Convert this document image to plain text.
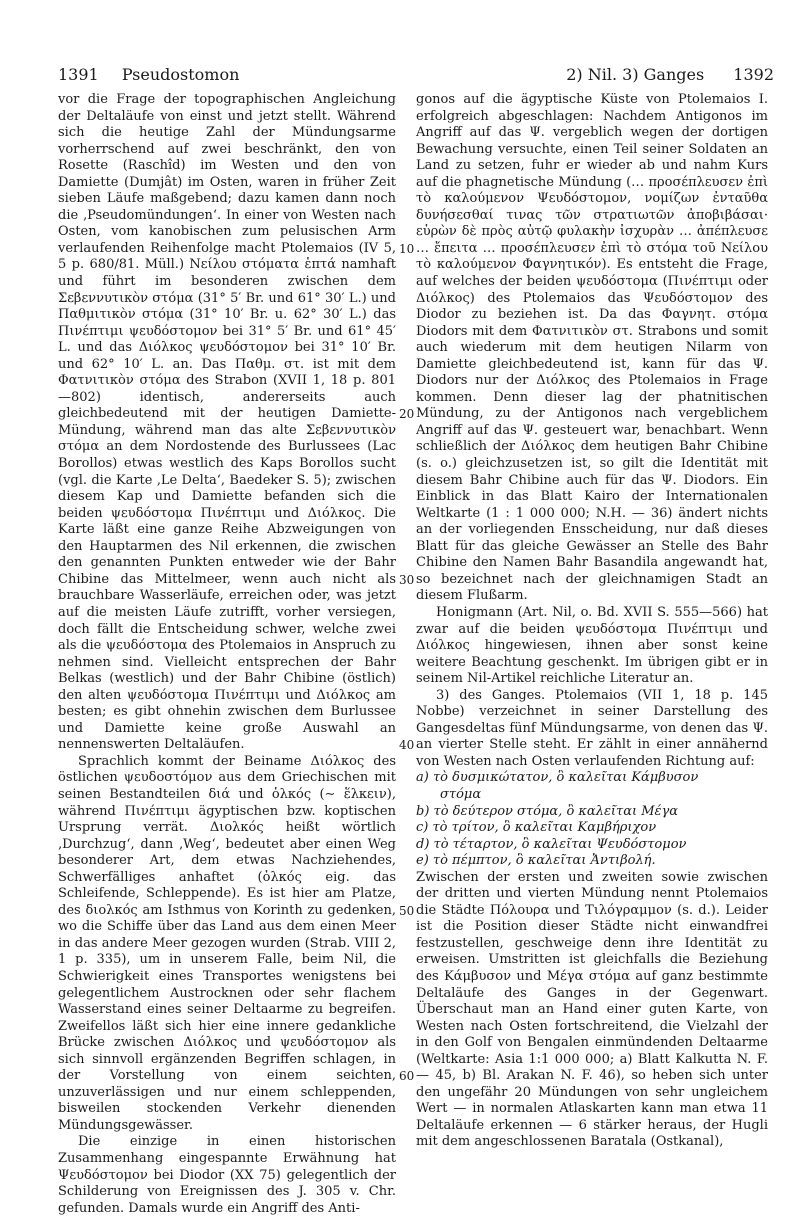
1391 Pseudostomon	2) Nil. 3) Ganges 1392

vor die Frage der topographischen Angleichung der Deltaläufe von einst und jetzt stellt. Während sich die heutige Zahl der Mündungsarme vorherrschend auf zwei beschränkt, den von Rosette (Raschîd) im Westen und den von Damiette (Dumjât) im Osten, waren in früher Zeit sieben Läufe maßgebend; dazu kamen dann noch die ‚Pseudomündungen‘. In einer von Westen nach Osten, vom kanobischen zum pelusischen Arm verlaufenden Reihenfolge macht Ptolemaios (IV 5, 5 p. 680/81. Müll.) Νείλου στόματα ἑπτά namhaft und führt im besonderen zwischen dem Σεβεννυτικὸν στόμα (31° 5′ Br. und 61° 30′ L.) und Παθμιτικὸν στόμα (31° 10′ Br. u. 62° 30′ L.) das Πινέπτιμι ψευδόστομον bei 31° 5′ Br. und 61° 45′ L. und das Διόλκος ψευδόστομον bei 31° 10′ Br. und 62° 10′ L. an. Das Παθμ. στ. ist mit dem Φατνιτικὸν στόμα des Strabon (XVII 1, 18 p. 801—802) identisch, andererseits auch gleichbedeutend mit der heutigen Damiette-Mündung, während man das alte Σεβεννυτικὸν στόμα an dem Nordostende des Burlussees (Lac Borollos) etwas westlich des Kaps Borollos sucht (vgl. die Karte ‚Le Delta‘, Baedeker S. 5); zwischen diesem Kap und Damiette befanden sich die beiden ψευδόστομα Πινέπτιμι und Διόλκος. Die Karte läßt eine ganze Reihe Abzweigungen von den Hauptarmen des Nil erkennen, die zwischen den genannten Punkten entweder wie der Bahr Chibine das Mittelmeer, wenn auch nicht als brauchbare Wasserläufe, erreichen oder, was jetzt auf die meisten Läufe zutrifft, vorher versiegen, doch fällt die Entscheidung schwer, welche zwei als die ψευδόστομα des Ptolemaios in Anspruch zu nehmen sind. Vielleicht entsprechen der Bahr Belkas (westlich) und der Bahr Chibine (östlich) den alten ψευδόστομα Πινέπτιμι und Διόλκος am besten; es gibt ohnehin zwischen dem Burlussee und Damiette keine große Auswahl an nennenswerten Deltaläufen.

Sprachlich kommt der Beiname Διόλκος des östlichen ψευδοστόμον aus dem Griechischen mit seinen Bestandteilen διά und ὁλκός (∼ ἕλκειν), während Πινέπτιμι ägyptischen bzw. koptischen Ursprung verrät. Διολκός heißt wörtlich ‚Durchzug‘, dann ‚Weg‘, bedeutet aber einen Weg besonderer Art, dem etwas Nachziehendes, Schwerfälliges anhaftet (ὁλκός eig. das Schleifende, Schleppende). Es ist hier am Platze, des διολκός am Isthmus von Korinth zu gedenken, wo die Schiffe über das Land aus dem einen Meer in das andere Meer gezogen wurden (Strab. VIII 2, 1 p. 335), um in unserem Falle, beim Nil, die Schwierigkeit eines Transportes wenigstens bei gelegentlichem Austrocknen oder sehr flachem Wasserstand eines seiner Deltaarme zu begreifen. Zweifellos läßt sich hier eine innere gedankliche Brücke zwischen Διόλκος und ψευδόστομον als sich sinnvoll ergänzenden Begriffen schlagen, in der Vorstellung von einem seichten, unzuverlässigen und nur einem schleppenden, bisweilen stockenden Verkehr dienenden Mündungsgewässer.

Die einzige in einen historischen Zusammenhang eingespannte Erwähnung hat Ψευδόστομον bei Diodor (XX 75) gelegentlich der Schilderung von Ereignissen des J. 305 v. Chr. gefunden. Damals wurde ein Angriff des Anti-

10
20
30
40
50
60

gonos auf die ägyptische Küste von Ptolemaios I. erfolgreich abgeschlagen: Nachdem Antigonos im Angriff auf das Ψ. vergeblich wegen der dortigen Bewachung versuchte, einen Teil seiner Soldaten an Land zu setzen, fuhr er wieder ab und nahm Kurs auf die phagnetische Mündung (… προσέπλευσεν ἐπὶ τὸ καλούμενον Ψευδόστομον, νομίζων ἐνταῦθα δυνήσεσθαί τινας τῶν στρατιωτῶν ἀποβιβάσαι· εὑρὼν δὲ πρὸς αὐτῷ φυλακὴν ἰσχυρὰν … ἀπέπλευσε … ἔπειτα … προσέπλευσεν ἐπὶ τὸ στόμα τοῦ Νείλου τὸ καλούμενον Φαγνητικόν). Es entsteht die Frage, auf welches der beiden ψευδόστομα (Πινέπτιμι oder Διόλκος) des Ptolemaios das Ψευδόστομον des Diodor zu beziehen ist. Da das Φαγνητ. στόμα Diodors mit dem Φατνιτικὸν στ. Strabons und somit auch wiederum mit dem heutigen Nilarm von Damiette gleichbedeutend ist, kann für das Ψ. Diodors nur der Διόλκος des Ptolemaios in Frage kommen. Denn dieser lag der phatnitischen Mündung, zu der Antigonos nach vergeblichem Angriff auf das Ψ. gesteuert war, benachbart. Wenn schließlich der Διόλκος dem heutigen Bahr Chibine (s. o.) gleichzusetzen ist, so gilt die Identität mit diesem Bahr Chibine auch für das Ψ. Diodors. Ein Einblick in das Blatt Kairo der Internationalen Weltkarte (1 : 1 000 000; N.H. — 36) ändert nichts an der vorliegenden Ensscheidung, nur daß dieses Blatt für das gleiche Gewässer an Stelle des Bahr Chibine den Namen Bahr Basandila angewandt hat, so bezeichnet nach der gleichnamigen Stadt an diesem Flußarm.

Honigmann (Art. Nil, o. Bd. XVII S. 555—566) hat zwar auf die beiden ψευδόστομα Πινέπτιμι und Διόλκος hingewiesen, ihnen aber sonst keine weitere Beachtung geschenkt. Im übrigen gibt er in seinem Nil-Artikel reichliche Literatur an.

3) des Ganges. Ptolemaios (VII 1, 18 p. 145 Nobbe) verzeichnet in seiner Darstellung des Gangesdeltas fünf Mündungsarme, von denen das Ψ. an vierter Stelle steht. Er zählt in einer annähernd von Westen nach Osten verlaufenden Richtung auf:

a) τὸ δυσμικώτατον, ὃ καλεῖται Κάμβυσον
στόμα
b) τὸ δεύτερον στόμα, ὃ καλεῖται Μέγα
c) τὸ τρίτον, ὃ καλεῖται Καμβήριχον
d) τὸ τέταρτον, ὃ καλεῖται Ψευδόστομον
e) τὸ πέμπτον, ὃ καλεῖται Ἀντιβολή.

Zwischen der ersten und zweiten sowie zwischen der dritten und vierten Mündung nennt Ptolemaios die Städte Πόλουρα und Τιλόγραμμον (s. d.). Leider ist die Position dieser Städte nicht einwandfrei festzustellen, geschweige denn ihre Identität zu erweisen. Umstritten ist gleichfalls die Beziehung des Κάμβυσον und Μέγα στόμα auf ganz bestimmte Deltaläufe des Ganges in der Gegenwart. Überschaut man an Hand einer guten Karte, von Westen nach Osten fortschreitend, die Vielzahl der in den Golf von Bengalen einmündenden Deltaarme (Weltkarte: Asia 1:1 000 000; a) Blatt Kalkutta N. F. — 45, b) Bl. Arakan N. F. 46), so heben sich unter den ungefähr 20 Mündungen von sehr ungleichem Wert — in normalen Atlaskarten kann man etwa 11 Deltaläufe erkennen — 6 stärker heraus, der Hugli mit dem angeschlossenen Baratala (Ostkanal),
